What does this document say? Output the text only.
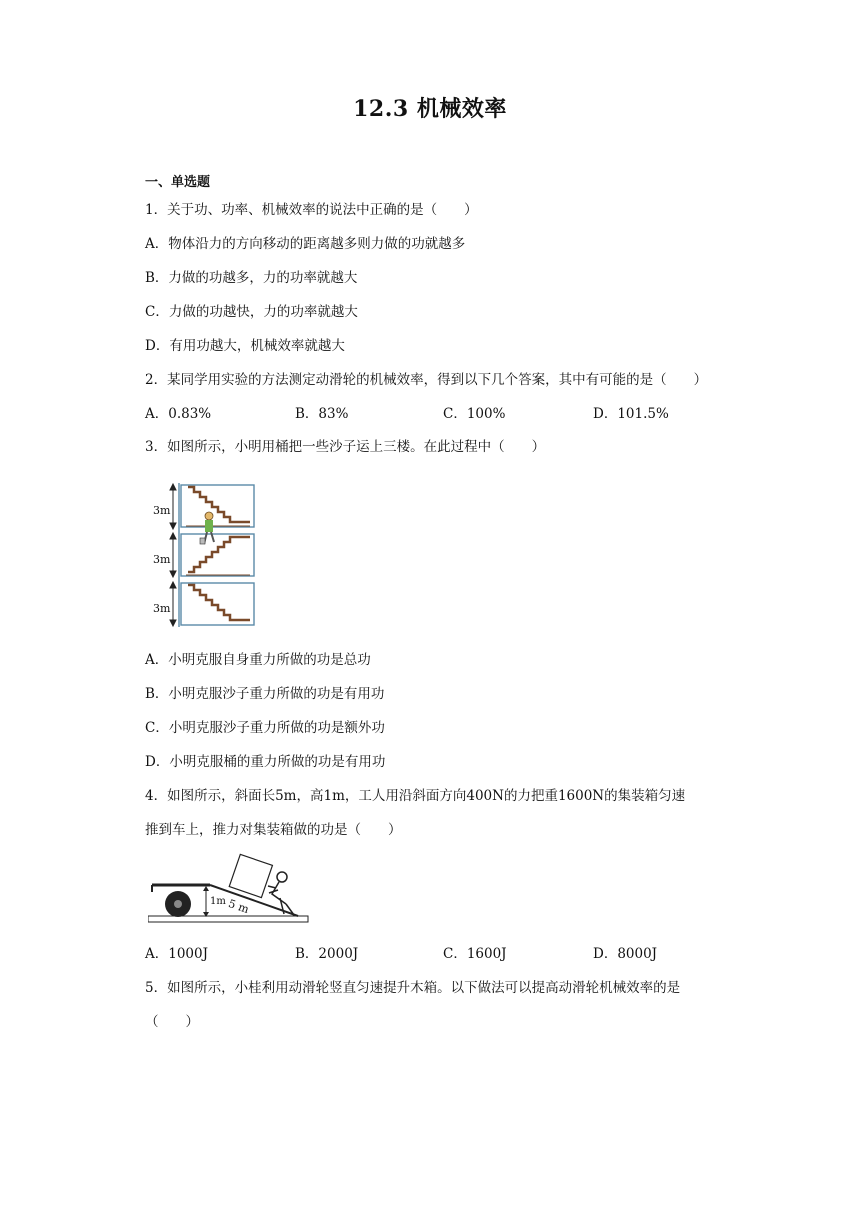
12.3 机械效率
一、单选题
1．关于功、功率、机械效率的说法中正确的是（　　）
A．物体沿力的方向移动的距离越多则力做的功就越多
B．力做的功越多，力的功率就越大
C．力做的功越快，力的功率就越大
D．有用功越大，机械效率就越大
2．某同学用实验的方法测定动滑轮的机械效率，得到以下几个答案，其中有可能的是（　　）
A．0.83%	B．83%	C．100%	D．101.5%
3．如图所示，小明用桶把一些沙子运上三楼。在此过程中（　　）
3m
3m
3m
A．小明克服自身重力所做的功是总功
B．小明克服沙子重力所做的功是有用功
C．小明克服沙子重力所做的功是额外功
D．小明克服桶的重力所做的功是有用功
4．如图所示，斜面长5m，高1m，工人用沿斜面方向400N的力把重1600N的集装箱匀速
推到车上，推力对集装箱做的功是（　　）
1m 5 m
A．1000J	B．2000J	C．1600J	D．8000J
5．如图所示，小桂利用动滑轮竖直匀速提升木箱。以下做法可以提高动滑轮机械效率的是
（　　）
